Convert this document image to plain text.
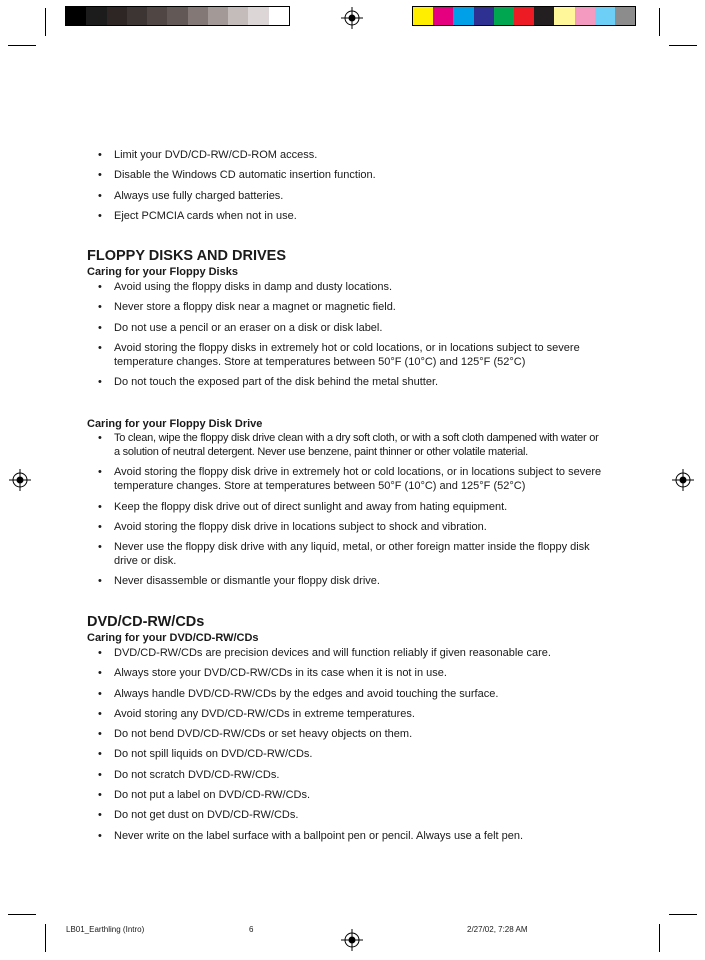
• Limit your DVD/CD-RW/CD-ROM access.
• Disable the Windows CD automatic insertion function.
• Always use fully charged batteries.
• Eject PCMCIA cards when not in use.
FLOPPY DISKS AND DRIVES
Caring for your Floppy Disks
• Avoid using the floppy disks in damp and dusty locations.
• Never store a floppy disk near a magnet or magnetic field.
• Do not use a pencil or an eraser on a disk or disk label.
• Avoid storing the floppy disks in extremely hot or cold locations, or in locations subject to severe temperature changes. Store at temperatures between 50°F (10°C) and 125°F (52°C)
• Do not touch the exposed part of the disk behind the metal shutter.
Caring for your Floppy Disk Drive
• To clean, wipe the floppy disk drive clean with a dry soft cloth, or with a soft cloth dampened with water or a solution of neutral detergent. Never use benzene, paint thinner or other volatile material.
• Avoid storing the floppy disk drive in extremely hot or cold locations, or in locations subject to severe temperature changes. Store at temperatures between 50°F (10°C) and 125°F (52°C)
• Keep the floppy disk drive out of direct sunlight and away from hating equipment.
• Avoid storing the floppy disk drive in locations subject to shock and vibration.
• Never use the floppy disk drive with any liquid, metal, or other foreign matter inside the floppy disk drive or disk.
• Never disassemble or dismantle your floppy disk drive.
DVD/CD-RW/CDs
Caring for your DVD/CD-RW/CDs
• DVD/CD-RW/CDs are precision devices and will function reliably if given reasonable care.
• Always store your DVD/CD-RW/CDs in its case when it is not in use.
• Always handle DVD/CD-RW/CDs by the edges and avoid touching the surface.
• Avoid storing any DVD/CD-RW/CDs in extreme temperatures.
• Do not bend DVD/CD-RW/CDs or set heavy objects on them.
• Do not spill liquids on DVD/CD-RW/CDs.
• Do not scratch DVD/CD-RW/CDs.
• Do not put a label on DVD/CD-RW/CDs.
• Do not get dust on DVD/CD-RW/CDs.
• Never write on the label surface with a ballpoint pen or pencil. Always use a felt pen.
LB01_Earthling (Intro)	6	2/27/02, 7:28 AM
